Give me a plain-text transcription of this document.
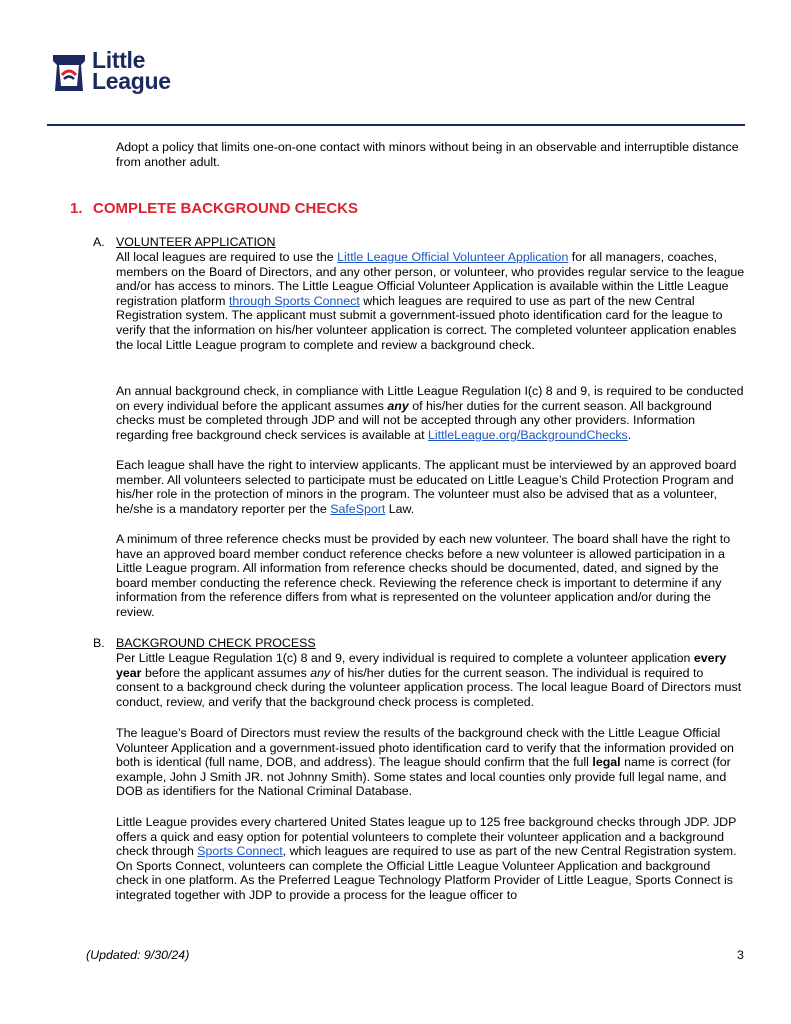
Little
League

Adopt a policy that limits one-on-one contact with minors without being in an observable and interruptible distance from another adult.

1. COMPLETE BACKGROUND CHECKS
A. VOLUNTEER APPLICATION

All local leagues are required to use the Little League Official Volunteer Application for all managers, coaches, members on the Board of Directors, and any other person, or volunteer, who provides regular service to the league and/or has access to minors. The Little League Official Volunteer Application is available within the Little League registration platform through Sports Connect which leagues are required to use as part of the new Central Registration system. The applicant must submit a government-issued photo identification card for the league to verify that the information on his/her volunteer application is correct. The completed volunteer application enables the local Little League program to complete and review a background check.

An annual background check, in compliance with Little League Regulation I(c) 8 and 9, is required to be conducted on every individual before the applicant assumes any of his/her duties for the current season. All background checks must be completed through JDP and will not be accepted through any other providers. Information regarding free background check services is available at LittleLeague.org/BackgroundChecks.

Each league shall have the right to interview applicants. The applicant must be interviewed by an approved board member. All volunteers selected to participate must be educated on Little League’s Child Protection Program and his/her role in the protection of minors in the program. The volunteer must also be advised that as a volunteer, he/she is a mandatory reporter per the SafeSport Law.

A minimum of three reference checks must be provided by each new volunteer. The board shall have the right to have an approved board member conduct reference checks before a new volunteer is allowed participation in a Little League program. All information from reference checks should be documented, dated, and signed by the board member conducting the reference check. Reviewing the reference check is important to determine if any information from the reference differs from what is represented on the volunteer application and/or during the review.

B. BACKGROUND CHECK PROCESS

Per Little League Regulation 1(c) 8 and 9, every individual is required to complete a volunteer application every year before the applicant assumes any of his/her duties for the current season. The individual is required to consent to a background check during the volunteer application process. The local league Board of Directors must conduct, review, and verify that the background check process is completed.

The league’s Board of Directors must review the results of the background check with the Little League Official Volunteer Application and a government-issued photo identification card to verify that the information provided on both is identical (full name, DOB, and address). The league should confirm that the full legal name is correct (for example, John J Smith JR. not Johnny Smith). Some states and local counties only provide full legal name, and DOB as identifiers for the National Criminal Database.

Little League provides every chartered United States league up to 125 free background checks through JDP. JDP offers a quick and easy option for potential volunteers to complete their volunteer application and a background check through Sports Connect, which leagues are required to use as part of the new Central Registration system. On Sports Connect, volunteers can complete the Official Little League Volunteer Application and background check in one platform. As the Preferred League Technology Platform Provider of Little League, Sports Connect is integrated together with JDP to provide a process for the league officer to

(Updated: 9/30/24)	3
